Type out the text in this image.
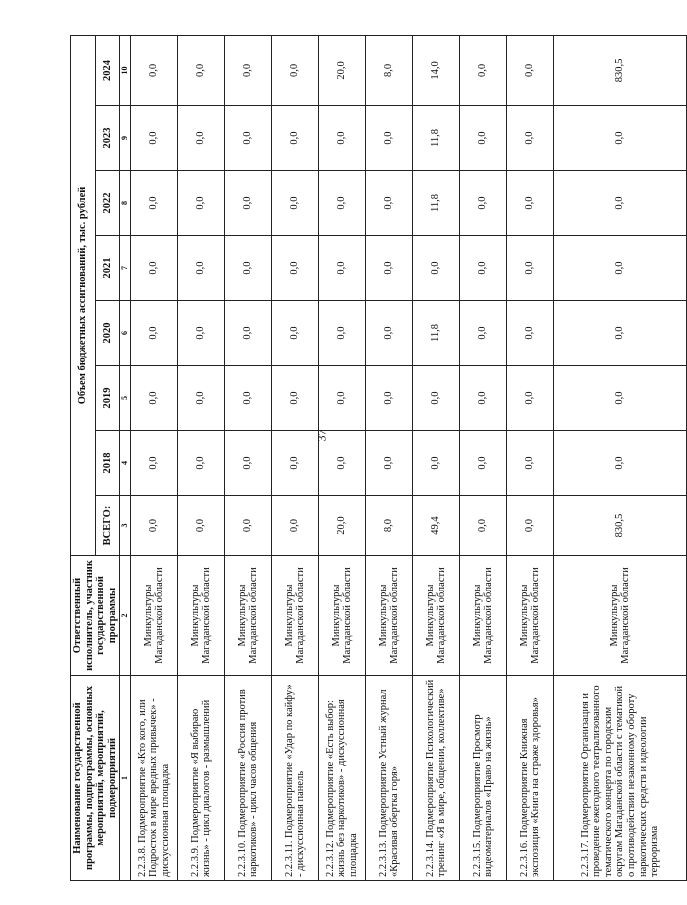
37
Наименование государственной программы, подпрограммы, основных мероприятий, мероприятий, подмероприятий	Ответственный исполнитель, участник государственной программы	Объем бюджетных ассигнований, тыс. рублей							
		ВСЕГО:	2018	2019	2020	2021	2022	2023	2024
1	2	3	4	5	6	7	8	9	10
2.2.3.8. Подмероприятие «Кто кого, или Подросток в мире вредных привычек» - дискуссионная площадка	Минкультуры Магаданской области	0,0	0,0	0,0	0,0	0,0	0,0	0,0	0,0
2.2.3.9. Подмероприятие «Я выбираю жизнь» - цикл диалогов - размышлений	Минкультуры Магаданской области	0,0	0,0	0,0	0,0	0,0	0,0	0,0	0,0
2.2.3.10. Подмероприятие «Россия против наркотиков» - цикл часов общения	Минкультуры Магаданской области	0,0	0,0	0,0	0,0	0,0	0,0	0,0	0,0
2.2.3.11. Подмероприятие «Удар по кайфу» - дискуссионная панель	Минкультуры Магаданской области	0,0	0,0	0,0	0,0	0,0	0,0	0,0	0,0
2.2.3.12. Подмероприятие «Есть выбор: жизнь без наркотиков» - дискуссионная площадка	Минкультуры Магаданской области	20,0	0,0	0,0	0,0	0,0	0,0	0,0	20,0
2.2.3.13. Подмероприятие Устный журнал «Красивая обертка горя»	Минкультуры Магаданской области	8,0	0,0	0,0	0,0	0,0	0,0	0,0	8,0
2.2.3.14. Подмероприятие Психологический тренинг «Я в мире, общении, коллективе»	Минкультуры Магаданской области	49,4	0,0	0,0	11,8	0,0	11,8	11,8	14,0
2.2.3.15. Подмероприятие Просмотр видеоматериалов «Право на жизнь»	Минкультуры Магаданской области	0,0	0,0	0,0	0,0	0,0	0,0	0,0	0,0
2.2.3.16. Подмероприятие Книжная экспозиция «Книга на страже здоровья»	Минкультуры Магаданской области	0,0	0,0	0,0	0,0	0,0	0,0	0,0	0,0
2.2.3.17. Подмероприятие Организация и проведение ежегодного театрализованного тематического концерта по городским округам Магаданской области с тематикой о противодействии незаконному обороту наркотических средств и идеологии терроризма	Минкультуры Магаданской области	830,5	0,0	0,0	0,0	0,0	0,0	0,0	830,5
